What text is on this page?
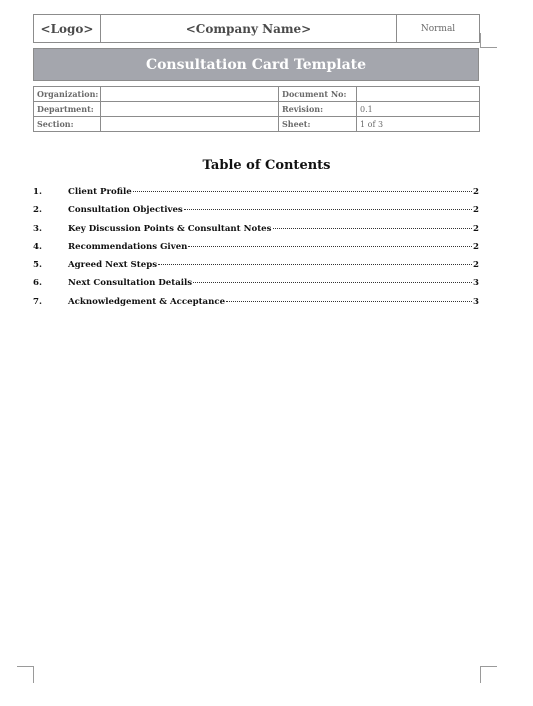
<Logo>	<Company Name>	Normal
Consultation Card Template
Organization:		Document No:	
Department:		Revision:	0.1
Section:		Sheet:	1 of 3
Table of Contents
1.	Client Profile	2
2.	Consultation Objectives	2
3.	Key Discussion Points & Consultant Notes	2
4.	Recommendations Given	2
5.	Agreed Next Steps	2
6.	Next Consultation Details	3
7.	Acknowledgement & Acceptance	3
